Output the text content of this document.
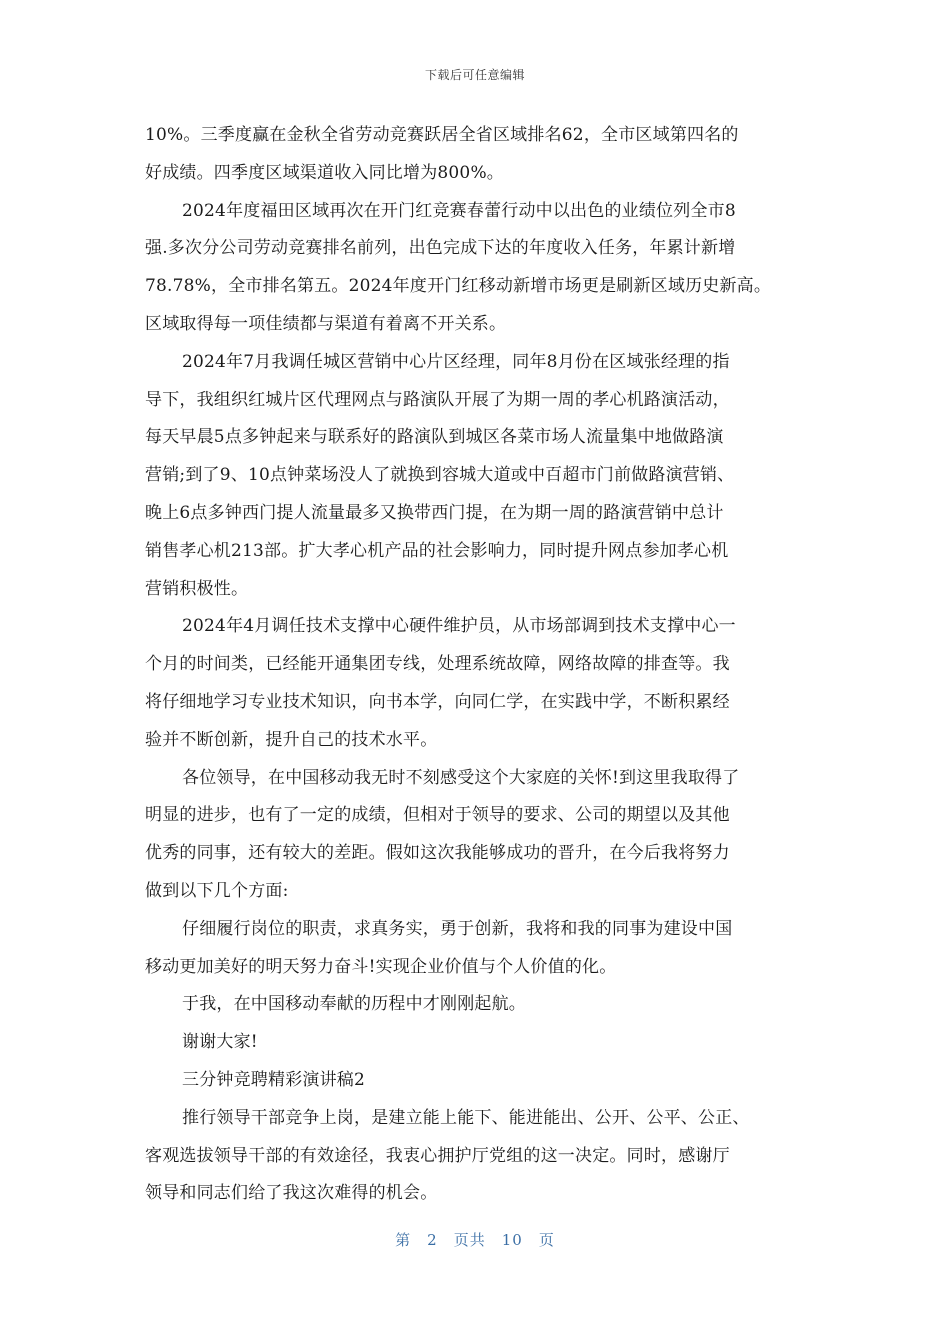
下载后可任意编辑
10%。三季度赢在金秋全省劳动竞赛跃居全省区域排名62，全市区域第四名的
好成绩。四季度区域渠道收入同比增为800%。
2024年度福田区域再次在开门红竞赛春蕾行动中以出色的业绩位列全市8
强.多次分公司劳动竞赛排名前列，出色完成下达的年度收入任务，年累计新增
78.78%，全市排名第五。2024年度开门红移动新增市场更是刷新区域历史新高。
区域取得每一项佳绩都与渠道有着离不开关系。
2024年7月我调任城区营销中心片区经理，同年8月份在区域张经理的指
导下，我组织红城片区代理网点与路演队开展了为期一周的孝心机路演活动，
每天早晨5点多钟起来与联系好的路演队到城区各菜市场人流量集中地做路演
营销;到了9、10点钟菜场没人了就换到容城大道或中百超市门前做路演营销、
晚上6点多钟西门提人流量最多又换带西门提，在为期一周的路演营销中总计
销售孝心机213部。扩大孝心机产品的社会影响力，同时提升网点参加孝心机
营销积极性。
2024年4月调任技术支撑中心硬件维护员，从市场部调到技术支撑中心一
个月的时间类，已经能开通集团专线，处理系统故障，网络故障的排查等。我
将仔细地学习专业技术知识，向书本学，向同仁学，在实践中学，不断积累经
验并不断创新，提升自己的技术水平。
各位领导，在中国移动我无时不刻感受这个大家庭的关怀!到这里我取得了
明显的进步，也有了一定的成绩，但相对于领导的要求、公司的期望以及其他
优秀的同事，还有较大的差距。假如这次我能够成功的晋升，在今后我将努力
做到以下几个方面:
仔细履行岗位的职责，求真务实，勇于创新，我将和我的同事为建设中国
移动更加美好的明天努力奋斗!实现企业价值与个人价值的化。
于我，在中国移动奉献的历程中才刚刚起航。
谢谢大家!
三分钟竞聘精彩演讲稿2
推行领导干部竞争上岗，是建立能上能下、能进能出、公开、公平、公正、
客观选拔领导干部的有效途径，我衷心拥护厅党组的这一决定。同时，感谢厅
领导和同志们给了我这次难得的机会。
第 2 页共 10 页
